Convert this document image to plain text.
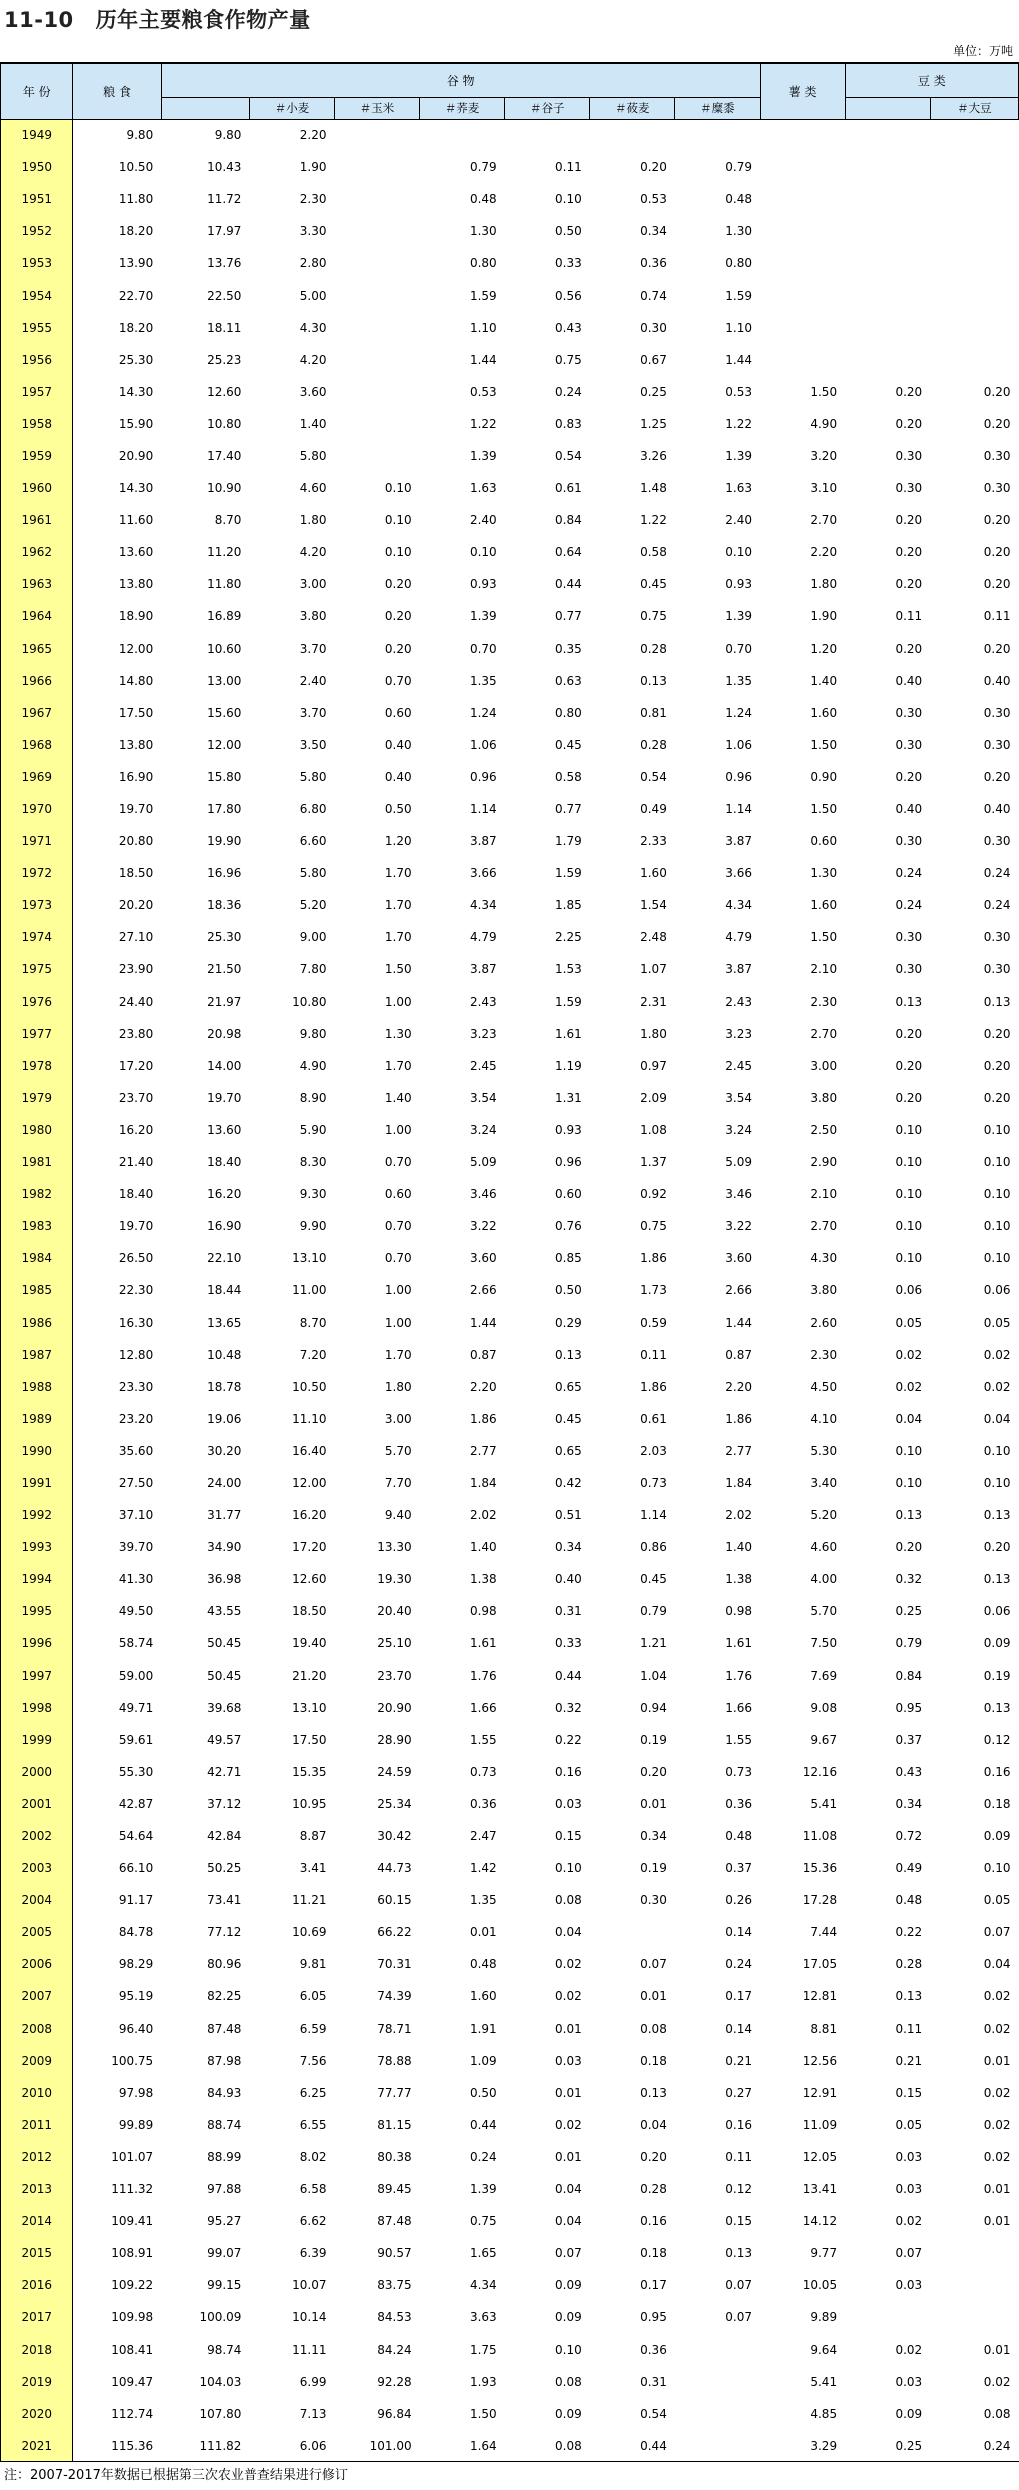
11-10 历年主要粮食作物产量
单位：万吨
年 份	粮 食	谷 物							薯 类	豆 类	
			＃小麦	＃玉米	＃荞麦	＃谷子	＃莜麦	＃糜黍			＃大豆
1949	9.80	9.80	2.20								
1950	10.50	10.43	1.90		0.79	0.11	0.20	0.79			
1951	11.80	11.72	2.30		0.48	0.10	0.53	0.48			
1952	18.20	17.97	3.30		1.30	0.50	0.34	1.30			
1953	13.90	13.76	2.80		0.80	0.33	0.36	0.80			
1954	22.70	22.50	5.00		1.59	0.56	0.74	1.59			
1955	18.20	18.11	4.30		1.10	0.43	0.30	1.10			
1956	25.30	25.23	4.20		1.44	0.75	0.67	1.44			
1957	14.30	12.60	3.60		0.53	0.24	0.25	0.53	1.50	0.20	0.20
1958	15.90	10.80	1.40		1.22	0.83	1.25	1.22	4.90	0.20	0.20
1959	20.90	17.40	5.80		1.39	0.54	3.26	1.39	3.20	0.30	0.30
1960	14.30	10.90	4.60	0.10	1.63	0.61	1.48	1.63	3.10	0.30	0.30
1961	11.60	8.70	1.80	0.10	2.40	0.84	1.22	2.40	2.70	0.20	0.20
1962	13.60	11.20	4.20	0.10	0.10	0.64	0.58	0.10	2.20	0.20	0.20
1963	13.80	11.80	3.00	0.20	0.93	0.44	0.45	0.93	1.80	0.20	0.20
1964	18.90	16.89	3.80	0.20	1.39	0.77	0.75	1.39	1.90	0.11	0.11
1965	12.00	10.60	3.70	0.20	0.70	0.35	0.28	0.70	1.20	0.20	0.20
1966	14.80	13.00	2.40	0.70	1.35	0.63	0.13	1.35	1.40	0.40	0.40
1967	17.50	15.60	3.70	0.60	1.24	0.80	0.81	1.24	1.60	0.30	0.30
1968	13.80	12.00	3.50	0.40	1.06	0.45	0.28	1.06	1.50	0.30	0.30
1969	16.90	15.80	5.80	0.40	0.96	0.58	0.54	0.96	0.90	0.20	0.20
1970	19.70	17.80	6.80	0.50	1.14	0.77	0.49	1.14	1.50	0.40	0.40
1971	20.80	19.90	6.60	1.20	3.87	1.79	2.33	3.87	0.60	0.30	0.30
1972	18.50	16.96	5.80	1.70	3.66	1.59	1.60	3.66	1.30	0.24	0.24
1973	20.20	18.36	5.20	1.70	4.34	1.85	1.54	4.34	1.60	0.24	0.24
1974	27.10	25.30	9.00	1.70	4.79	2.25	2.48	4.79	1.50	0.30	0.30
1975	23.90	21.50	7.80	1.50	3.87	1.53	1.07	3.87	2.10	0.30	0.30
1976	24.40	21.97	10.80	1.00	2.43	1.59	2.31	2.43	2.30	0.13	0.13
1977	23.80	20.98	9.80	1.30	3.23	1.61	1.80	3.23	2.70	0.20	0.20
1978	17.20	14.00	4.90	1.70	2.45	1.19	0.97	2.45	3.00	0.20	0.20
1979	23.70	19.70	8.90	1.40	3.54	1.31	2.09	3.54	3.80	0.20	0.20
1980	16.20	13.60	5.90	1.00	3.24	0.93	1.08	3.24	2.50	0.10	0.10
1981	21.40	18.40	8.30	0.70	5.09	0.96	1.37	5.09	2.90	0.10	0.10
1982	18.40	16.20	9.30	0.60	3.46	0.60	0.92	3.46	2.10	0.10	0.10
1983	19.70	16.90	9.90	0.70	3.22	0.76	0.75	3.22	2.70	0.10	0.10
1984	26.50	22.10	13.10	0.70	3.60	0.85	1.86	3.60	4.30	0.10	0.10
1985	22.30	18.44	11.00	1.00	2.66	0.50	1.73	2.66	3.80	0.06	0.06
1986	16.30	13.65	8.70	1.00	1.44	0.29	0.59	1.44	2.60	0.05	0.05
1987	12.80	10.48	7.20	1.70	0.87	0.13	0.11	0.87	2.30	0.02	0.02
1988	23.30	18.78	10.50	1.80	2.20	0.65	1.86	2.20	4.50	0.02	0.02
1989	23.20	19.06	11.10	3.00	1.86	0.45	0.61	1.86	4.10	0.04	0.04
1990	35.60	30.20	16.40	5.70	2.77	0.65	2.03	2.77	5.30	0.10	0.10
1991	27.50	24.00	12.00	7.70	1.84	0.42	0.73	1.84	3.40	0.10	0.10
1992	37.10	31.77	16.20	9.40	2.02	0.51	1.14	2.02	5.20	0.13	0.13
1993	39.70	34.90	17.20	13.30	1.40	0.34	0.86	1.40	4.60	0.20	0.20
1994	41.30	36.98	12.60	19.30	1.38	0.40	0.45	1.38	4.00	0.32	0.13
1995	49.50	43.55	18.50	20.40	0.98	0.31	0.79	0.98	5.70	0.25	0.06
1996	58.74	50.45	19.40	25.10	1.61	0.33	1.21	1.61	7.50	0.79	0.09
1997	59.00	50.45	21.20	23.70	1.76	0.44	1.04	1.76	7.69	0.84	0.19
1998	49.71	39.68	13.10	20.90	1.66	0.32	0.94	1.66	9.08	0.95	0.13
1999	59.61	49.57	17.50	28.90	1.55	0.22	0.19	1.55	9.67	0.37	0.12
2000	55.30	42.71	15.35	24.59	0.73	0.16	0.20	0.73	12.16	0.43	0.16
2001	42.87	37.12	10.95	25.34	0.36	0.03	0.01	0.36	5.41	0.34	0.18
2002	54.64	42.84	8.87	30.42	2.47	0.15	0.34	0.48	11.08	0.72	0.09
2003	66.10	50.25	3.41	44.73	1.42	0.10	0.19	0.37	15.36	0.49	0.10
2004	91.17	73.41	11.21	60.15	1.35	0.08	0.30	0.26	17.28	0.48	0.05
2005	84.78	77.12	10.69	66.22	0.01	0.04		0.14	7.44	0.22	0.07
2006	98.29	80.96	9.81	70.31	0.48	0.02	0.07	0.24	17.05	0.28	0.04
2007	95.19	82.25	6.05	74.39	1.60	0.02	0.01	0.17	12.81	0.13	0.02
2008	96.40	87.48	6.59	78.71	1.91	0.01	0.08	0.14	8.81	0.11	0.02
2009	100.75	87.98	7.56	78.88	1.09	0.03	0.18	0.21	12.56	0.21	0.01
2010	97.98	84.93	6.25	77.77	0.50	0.01	0.13	0.27	12.91	0.15	0.02
2011	99.89	88.74	6.55	81.15	0.44	0.02	0.04	0.16	11.09	0.05	0.02
2012	101.07	88.99	8.02	80.38	0.24	0.01	0.20	0.11	12.05	0.03	0.02
2013	111.32	97.88	6.58	89.45	1.39	0.04	0.28	0.12	13.41	0.03	0.01
2014	109.41	95.27	6.62	87.48	0.75	0.04	0.16	0.15	14.12	0.02	0.01
2015	108.91	99.07	6.39	90.57	1.65	0.07	0.18	0.13	9.77	0.07	
2016	109.22	99.15	10.07	83.75	4.34	0.09	0.17	0.07	10.05	0.03	
2017	109.98	100.09	10.14	84.53	3.63	0.09	0.95	0.07	9.89		
2018	108.41	98.74	11.11	84.24	1.75	0.10	0.36		9.64	0.02	0.01
2019	109.47	104.03	6.99	92.28	1.93	0.08	0.31		5.41	0.03	0.02
2020	112.74	107.80	7.13	96.84	1.50	0.09	0.54		4.85	0.09	0.08
2021	115.36	111.82	6.06	101.00	1.64	0.08	0.44		3.29	0.25	0.24
注：2007-2017年数据已根据第三次农业普查结果进行修订
